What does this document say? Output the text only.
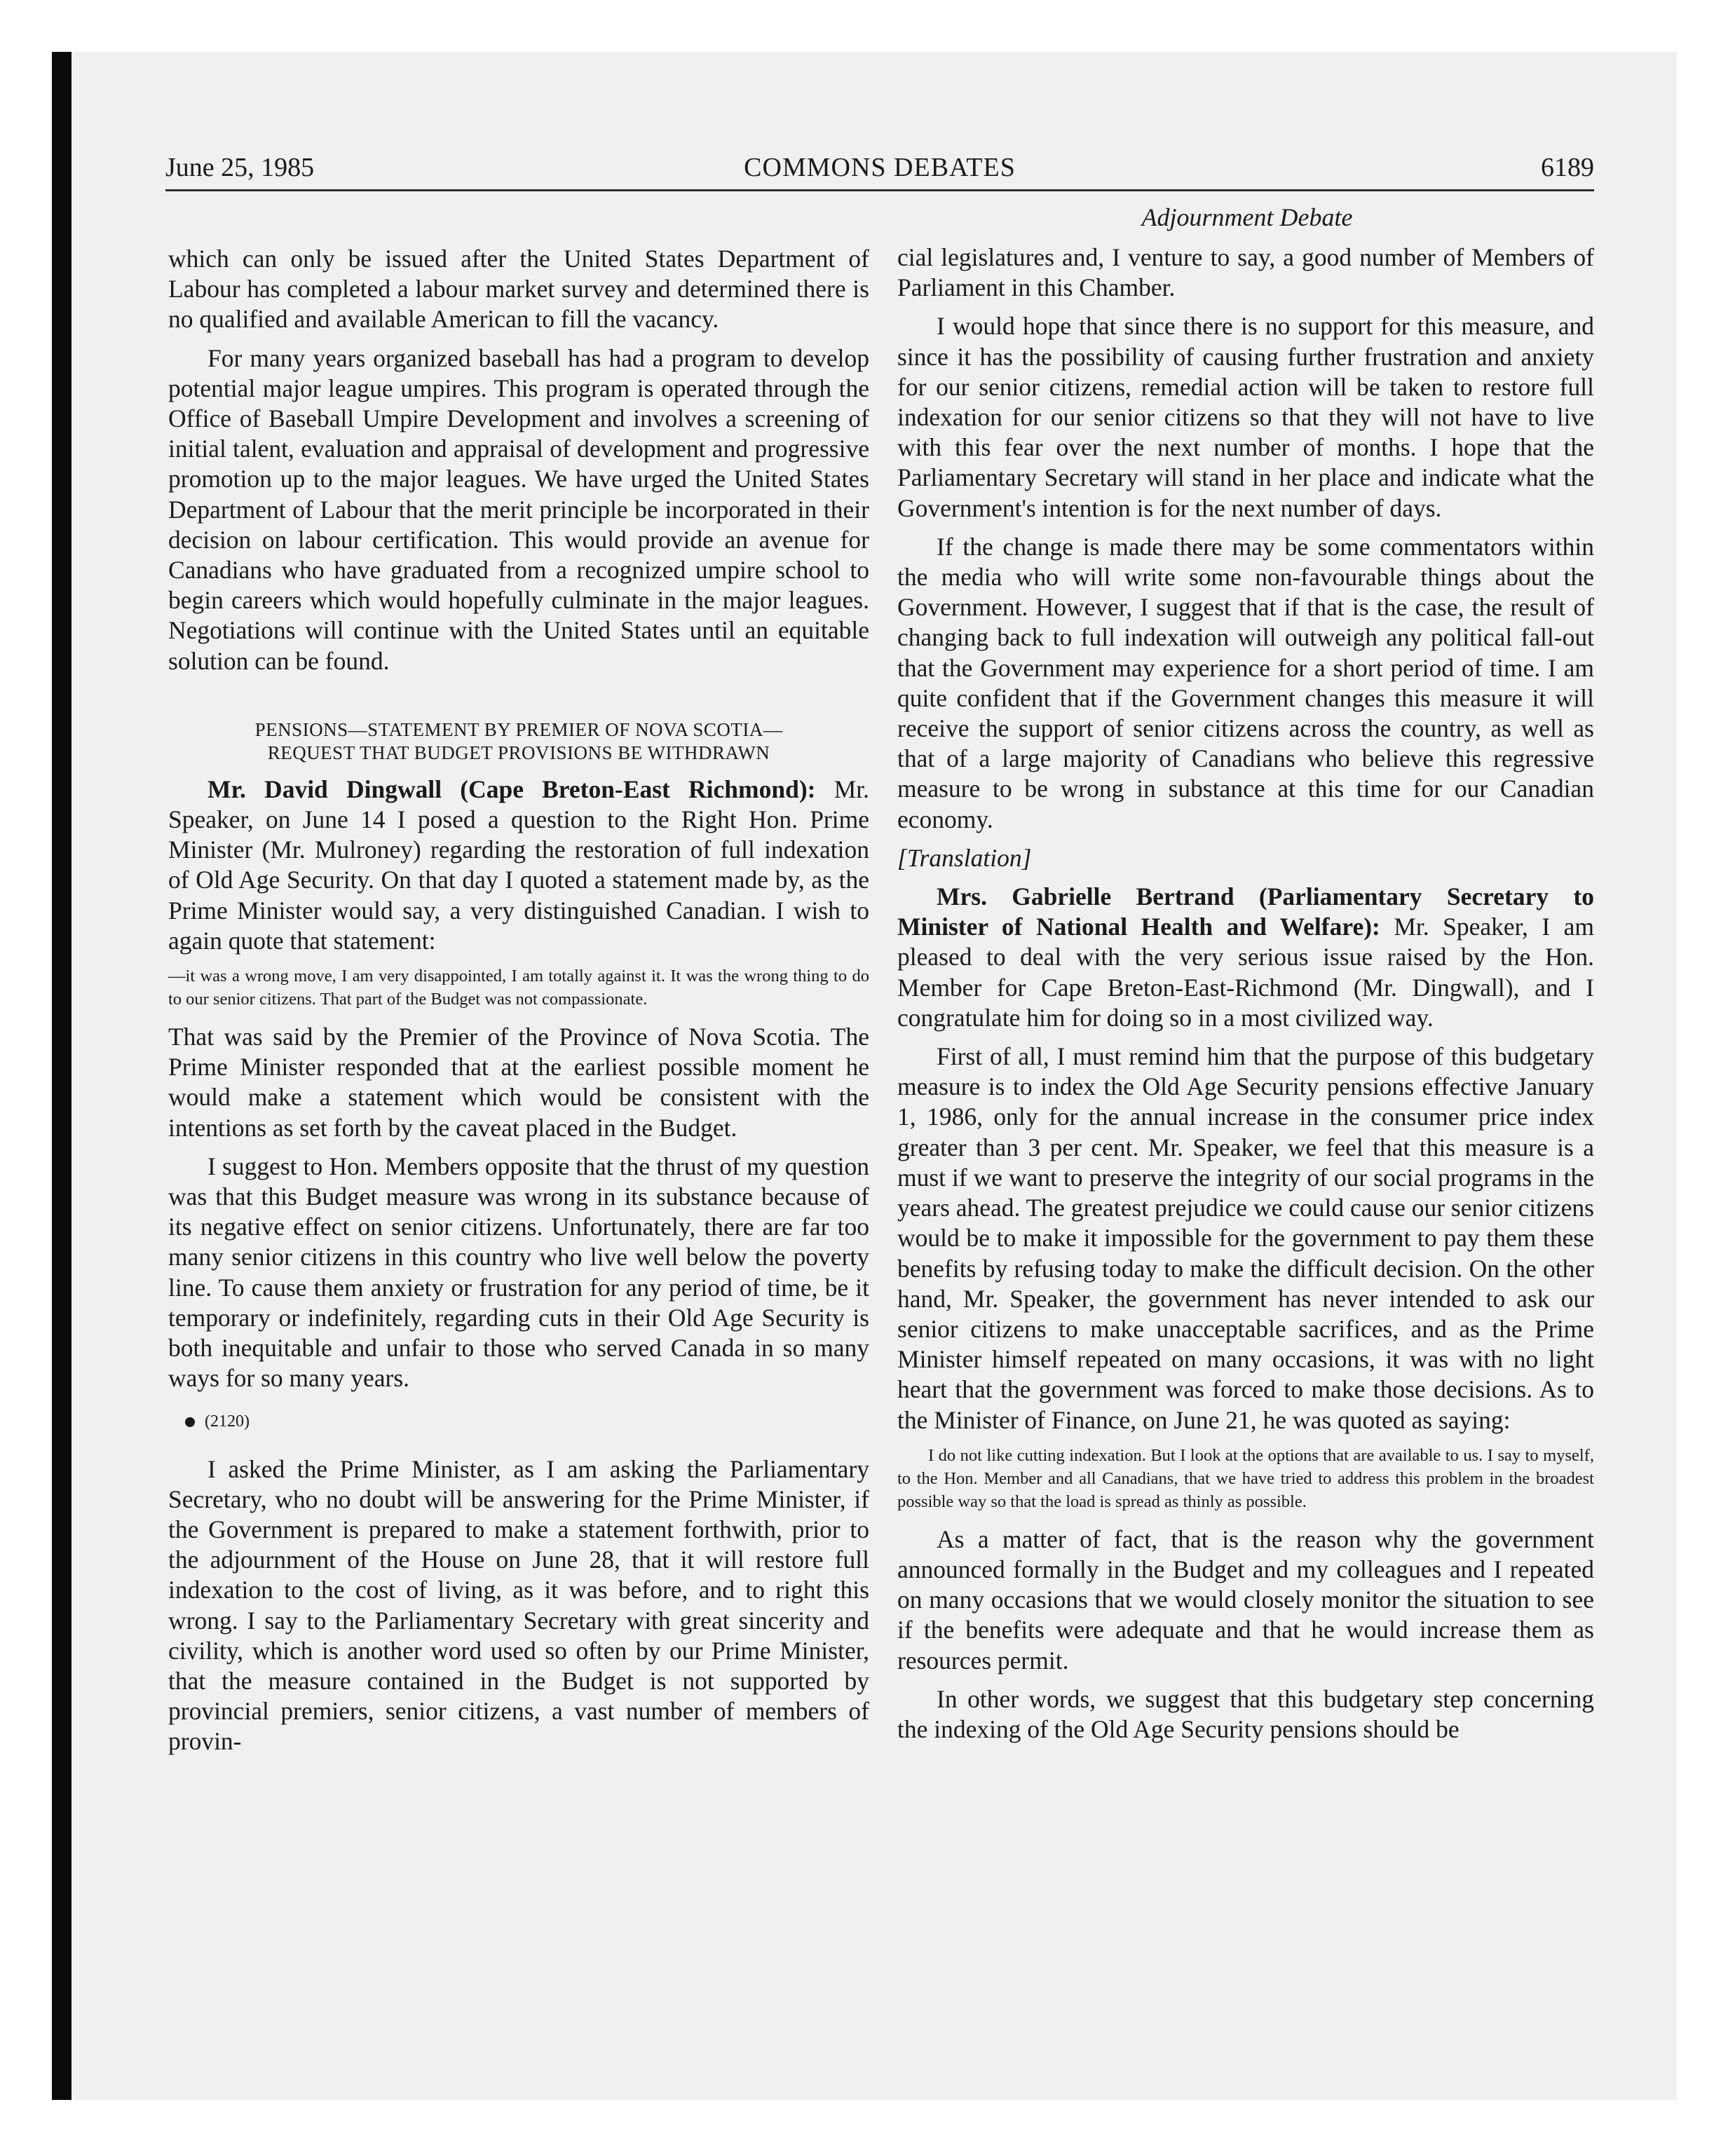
June 25, 1985	COMMONS DEBATES	6189
Adjournment Debate

which can only be issued after the United States Department of Labour has completed a labour market survey and determined there is no qualified and available American to fill the vacancy.

For many years organized baseball has had a program to develop potential major league umpires. This program is operated through the Office of Baseball Umpire Development and involves a screening of initial talent, evaluation and appraisal of development and progressive promotion up to the major leagues. We have urged the United States Department of Labour that the merit principle be incorporated in their decision on labour certification. This would provide an avenue for Canadians who have graduated from a recognized umpire school to begin careers which would hopefully culminate in the major leagues. Negotiations will continue with the United States until an equitable solution can be found.

PENSIONS—STATEMENT BY PREMIER OF NOVA SCOTIA—
REQUEST THAT BUDGET PROVISIONS BE WITHDRAWN

Mr. David Dingwall (Cape Breton-East Richmond): Mr. Speaker, on June 14 I posed a question to the Right Hon. Prime Minister (Mr. Mulroney) regarding the restoration of full indexation of Old Age Security. On that day I quoted a statement made by, as the Prime Minister would say, a very distinguished Canadian. I wish to again quote that statement:

—it was a wrong move, I am very disappointed, I am totally against it. It was the wrong thing to do to our senior citizens. That part of the Budget was not compassionate.

That was said by the Premier of the Province of Nova Scotia. The Prime Minister responded that at the earliest possible moment he would make a statement which would be consistent with the intentions as set forth by the caveat placed in the Budget.

I suggest to Hon. Members opposite that the thrust of my question was that this Budget measure was wrong in its substance because of its negative effect on senior citizens. Unfortunately, there are far too many senior citizens in this country who live well below the poverty line. To cause them anxiety or frustration for any period of time, be it temporary or indefinitely, regarding cuts in their Old Age Security is both inequitable and unfair to those who served Canada in so many ways for so many years.

(2120)

I asked the Prime Minister, as I am asking the Parliamentary Secretary, who no doubt will be answering for the Prime Minister, if the Government is prepared to make a statement forthwith, prior to the adjournment of the House on June 28, that it will restore full indexation to the cost of living, as it was before, and to right this wrong. I say to the Parliamentary Secretary with great sincerity and civility, which is another word used so often by our Prime Minister, that the measure contained in the Budget is not supported by provincial premiers, senior citizens, a vast number of members of provin-

cial legislatures and, I venture to say, a good number of Members of Parliament in this Chamber.

I would hope that since there is no support for this measure, and since it has the possibility of causing further frustration and anxiety for our senior citizens, remedial action will be taken to restore full indexation for our senior citizens so that they will not have to live with this fear over the next number of months. I hope that the Parliamentary Secretary will stand in her place and indicate what the Government's intention is for the next number of days.

If the change is made there may be some commentators within the media who will write some non-favourable things about the Government. However, I suggest that if that is the case, the result of changing back to full indexation will outweigh any political fall-out that the Government may experience for a short period of time. I am quite confident that if the Government changes this measure it will receive the support of senior citizens across the country, as well as that of a large majority of Canadians who believe this regressive measure to be wrong in substance at this time for our Canadian economy.

[Translation]

Mrs. Gabrielle Bertrand (Parliamentary Secretary to Minister of National Health and Welfare): Mr. Speaker, I am pleased to deal with the very serious issue raised by the Hon. Member for Cape Breton-East-Richmond (Mr. Dingwall), and I congratulate him for doing so in a most civilized way.

First of all, I must remind him that the purpose of this budgetary measure is to index the Old Age Security pensions effective January 1, 1986, only for the annual increase in the consumer price index greater than 3 per cent. Mr. Speaker, we feel that this measure is a must if we want to preserve the integrity of our social programs in the years ahead. The greatest prejudice we could cause our senior citizens would be to make it impossible for the government to pay them these benefits by refusing today to make the difficult decision. On the other hand, Mr. Speaker, the government has never intended to ask our senior citizens to make unacceptable sacrifices, and as the Prime Minister himself repeated on many occasions, it was with no light heart that the government was forced to make those decisions. As to the Minister of Finance, on June 21, he was quoted as saying:

I do not like cutting indexation. But I look at the options that are available to us. I say to myself, to the Hon. Member and all Canadians, that we have tried to address this problem in the broadest possible way so that the load is spread as thinly as possible.

As a matter of fact, that is the reason why the government announced formally in the Budget and my colleagues and I repeated on many occasions that we would closely monitor the situation to see if the benefits were adequate and that he would increase them as resources permit.

In other words, we suggest that this budgetary step concerning the indexing of the Old Age Security pensions should be
